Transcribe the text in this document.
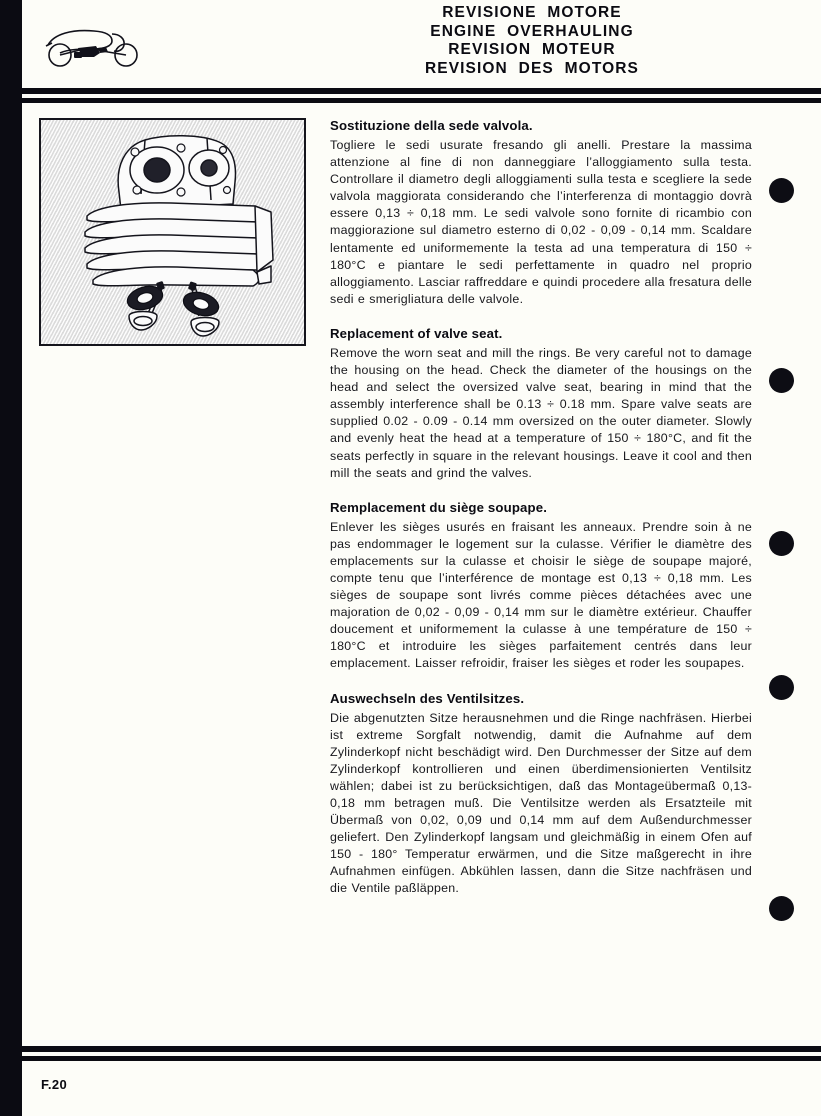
REVISIONE  MOTORE
ENGINE  OVERHAULING
REVISION  MOTEUR
REVISION  DES  MOTORS
Sostituzione della sede valvola.

Togliere le sedi usurate fresando gli anelli. Prestare la massima attenzione al fine di non danneggiare l’alloggiamento sulla testa. Controllare il diametro degli alloggiamenti sulla testa e scegliere la sede valvola maggiorata considerando che l’interferenza di montaggio dovrà essere 0,13 ÷ 0,18 mm. Le sedi valvole sono fornite di ricambio con maggiorazione sul diametro esterno di 0,02 - 0,09 - 0,14 mm. Scaldare lentamente ed uniformemente la testa ad una temperatura di 150 ÷ 180°C e piantare le sedi perfettamente in quadro nel proprio alloggiamento. Lasciar raffreddare e quindi procedere alla fresatura delle sedi e smerigliatura delle valvole.

Replacement of valve seat.

Remove the worn seat and mill the rings. Be very careful not to damage the housing on the head. Check the diameter of the housings on the head and select the oversized valve seat, bearing in mind that the assembly interference shall be 0.13 ÷ 0.18 mm. Spare valve seats are supplied 0.02 - 0.09 - 0.14 mm oversized on the outer diameter. Slowly and evenly heat the head at a temperature of 150 ÷ 180°C, and fit the seats perfectly in square in the relevant housings. Leave it cool and then mill the seats and grind the valves.

Remplacement du siège soupape.

Enlever les sièges usurés en fraisant les anneaux. Prendre soin à ne pas endommager le logement sur la culasse. Vérifier le diamètre des emplacements sur la culasse et choisir le siège de soupape majoré, compte tenu que l’interférence de montage est 0,13 ÷ 0,18 mm. Les sièges de soupape sont livrés comme pièces détachées avec une majoration de 0,02 - 0,09 - 0,14 mm sur le diamètre extérieur. Chauffer doucement et uniformement la culasse à une température de 150 ÷ 180°C et introduire les sièges parfaitement centrés dans leur emplacement. Laisser refroidir, fraiser les sièges et roder les soupapes.

Auswechseln des Ventilsitzes.

Die abgenutzten Sitze herausnehmen und die Ringe nachfräsen. Hierbei ist extreme Sorgfalt notwendig, damit die Aufnahme auf dem Zylinderkopf nicht beschädigt wird. Den Durchmesser der Sitze auf dem Zylinderkopf kontrollieren und einen überdimensionierten Ventilsitz wählen; dabei ist zu berücksichtigen, daß das Montageübermaß 0,13-0,18 mm betragen muß. Die Ventilsitze werden als Ersatzteile mit Übermaß von 0,02, 0,09 und 0,14 mm auf dem Außendurchmesser geliefert. Den Zylinderkopf langsam und gleichmäßig in einem Ofen auf 150 - 180° Temperatur erwärmen, und die Sitze maßgerecht in ihre Aufnahmen einfügen. Abkühlen lassen, dann die Sitze nachfräsen und die Ventile paßläppen.

F.20
